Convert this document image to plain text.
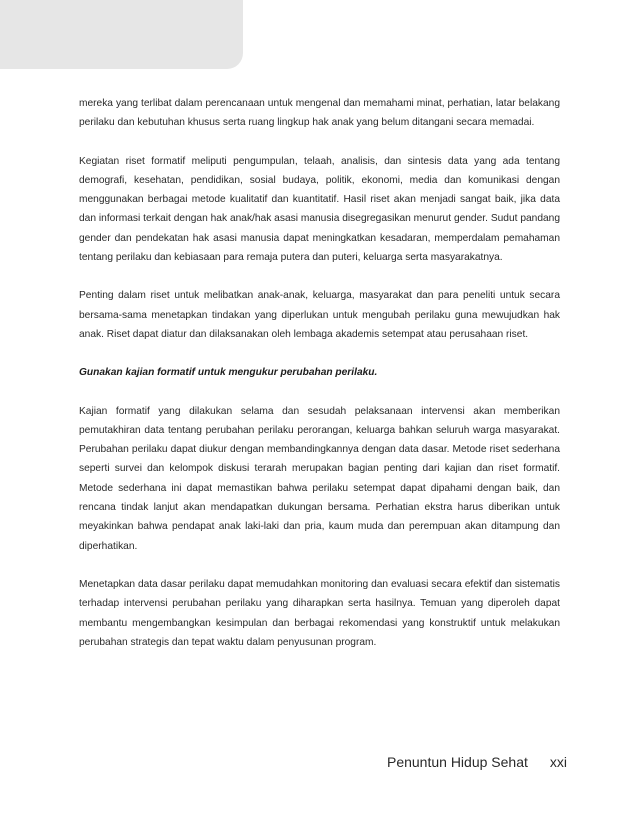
mereka yang terlibat dalam perencanaan untuk mengenal dan memahami minat, perhatian, latar belakang perilaku dan kebutuhan khusus serta ruang lingkup hak anak yang belum ditangani secara memadai.

Kegiatan riset formatif meliputi pengumpulan, telaah, analisis, dan sintesis data yang ada tentang demografi, kesehatan, pendidikan, sosial budaya, politik, ekonomi, media dan komunikasi dengan menggunakan berbagai metode kualitatif dan kuantitatif. Hasil riset akan menjadi sangat baik, jika data dan informasi terkait dengan hak anak/hak asasi manusia disegregasikan menurut gender. Sudut pandang gender dan pendekatan hak asasi manusia dapat meningkatkan kesadaran, memperdalam pemahaman tentang perilaku dan kebiasaan para remaja putera dan puteri, keluarga serta masyarakatnya.

Penting dalam riset untuk melibatkan anak-anak, keluarga, masyarakat dan para peneliti untuk secara bersama-sama menetapkan tindakan yang diperlukan untuk mengubah perilaku guna mewujudkan hak anak. Riset dapat diatur dan dilaksanakan oleh lembaga akademis setempat atau perusahaan riset.

Gunakan kajian formatif untuk mengukur perubahan perilaku.

Kajian formatif yang dilakukan selama dan sesudah pelaksanaan intervensi akan memberikan pemutakhiran data tentang perubahan perilaku perorangan, keluarga bahkan seluruh warga masyarakat. Perubahan perilaku dapat diukur dengan membandingkannya dengan data dasar. Metode riset sederhana seperti survei dan kelompok diskusi terarah merupakan bagian penting dari kajian dan riset formatif. Metode sederhana ini dapat memastikan bahwa perilaku setempat dapat dipahami dengan baik, dan rencana tindak lanjut akan mendapatkan dukungan bersama. Perhatian ekstra harus diberikan untuk meyakinkan bahwa pendapat anak laki-laki dan pria, kaum muda dan perempuan akan ditampung dan diperhatikan.

Menetapkan data dasar perilaku dapat memudahkan monitoring dan evaluasi secara efektif dan sistematis terhadap intervensi perubahan perilaku yang diharapkan serta hasilnya. Temuan yang diperoleh dapat membantu mengembangkan kesimpulan dan berbagai rekomendasi yang konstruktif untuk melakukan perubahan strategis dan tepat waktu dalam penyusunan program.

Penuntun Hidup Sehat xxi
